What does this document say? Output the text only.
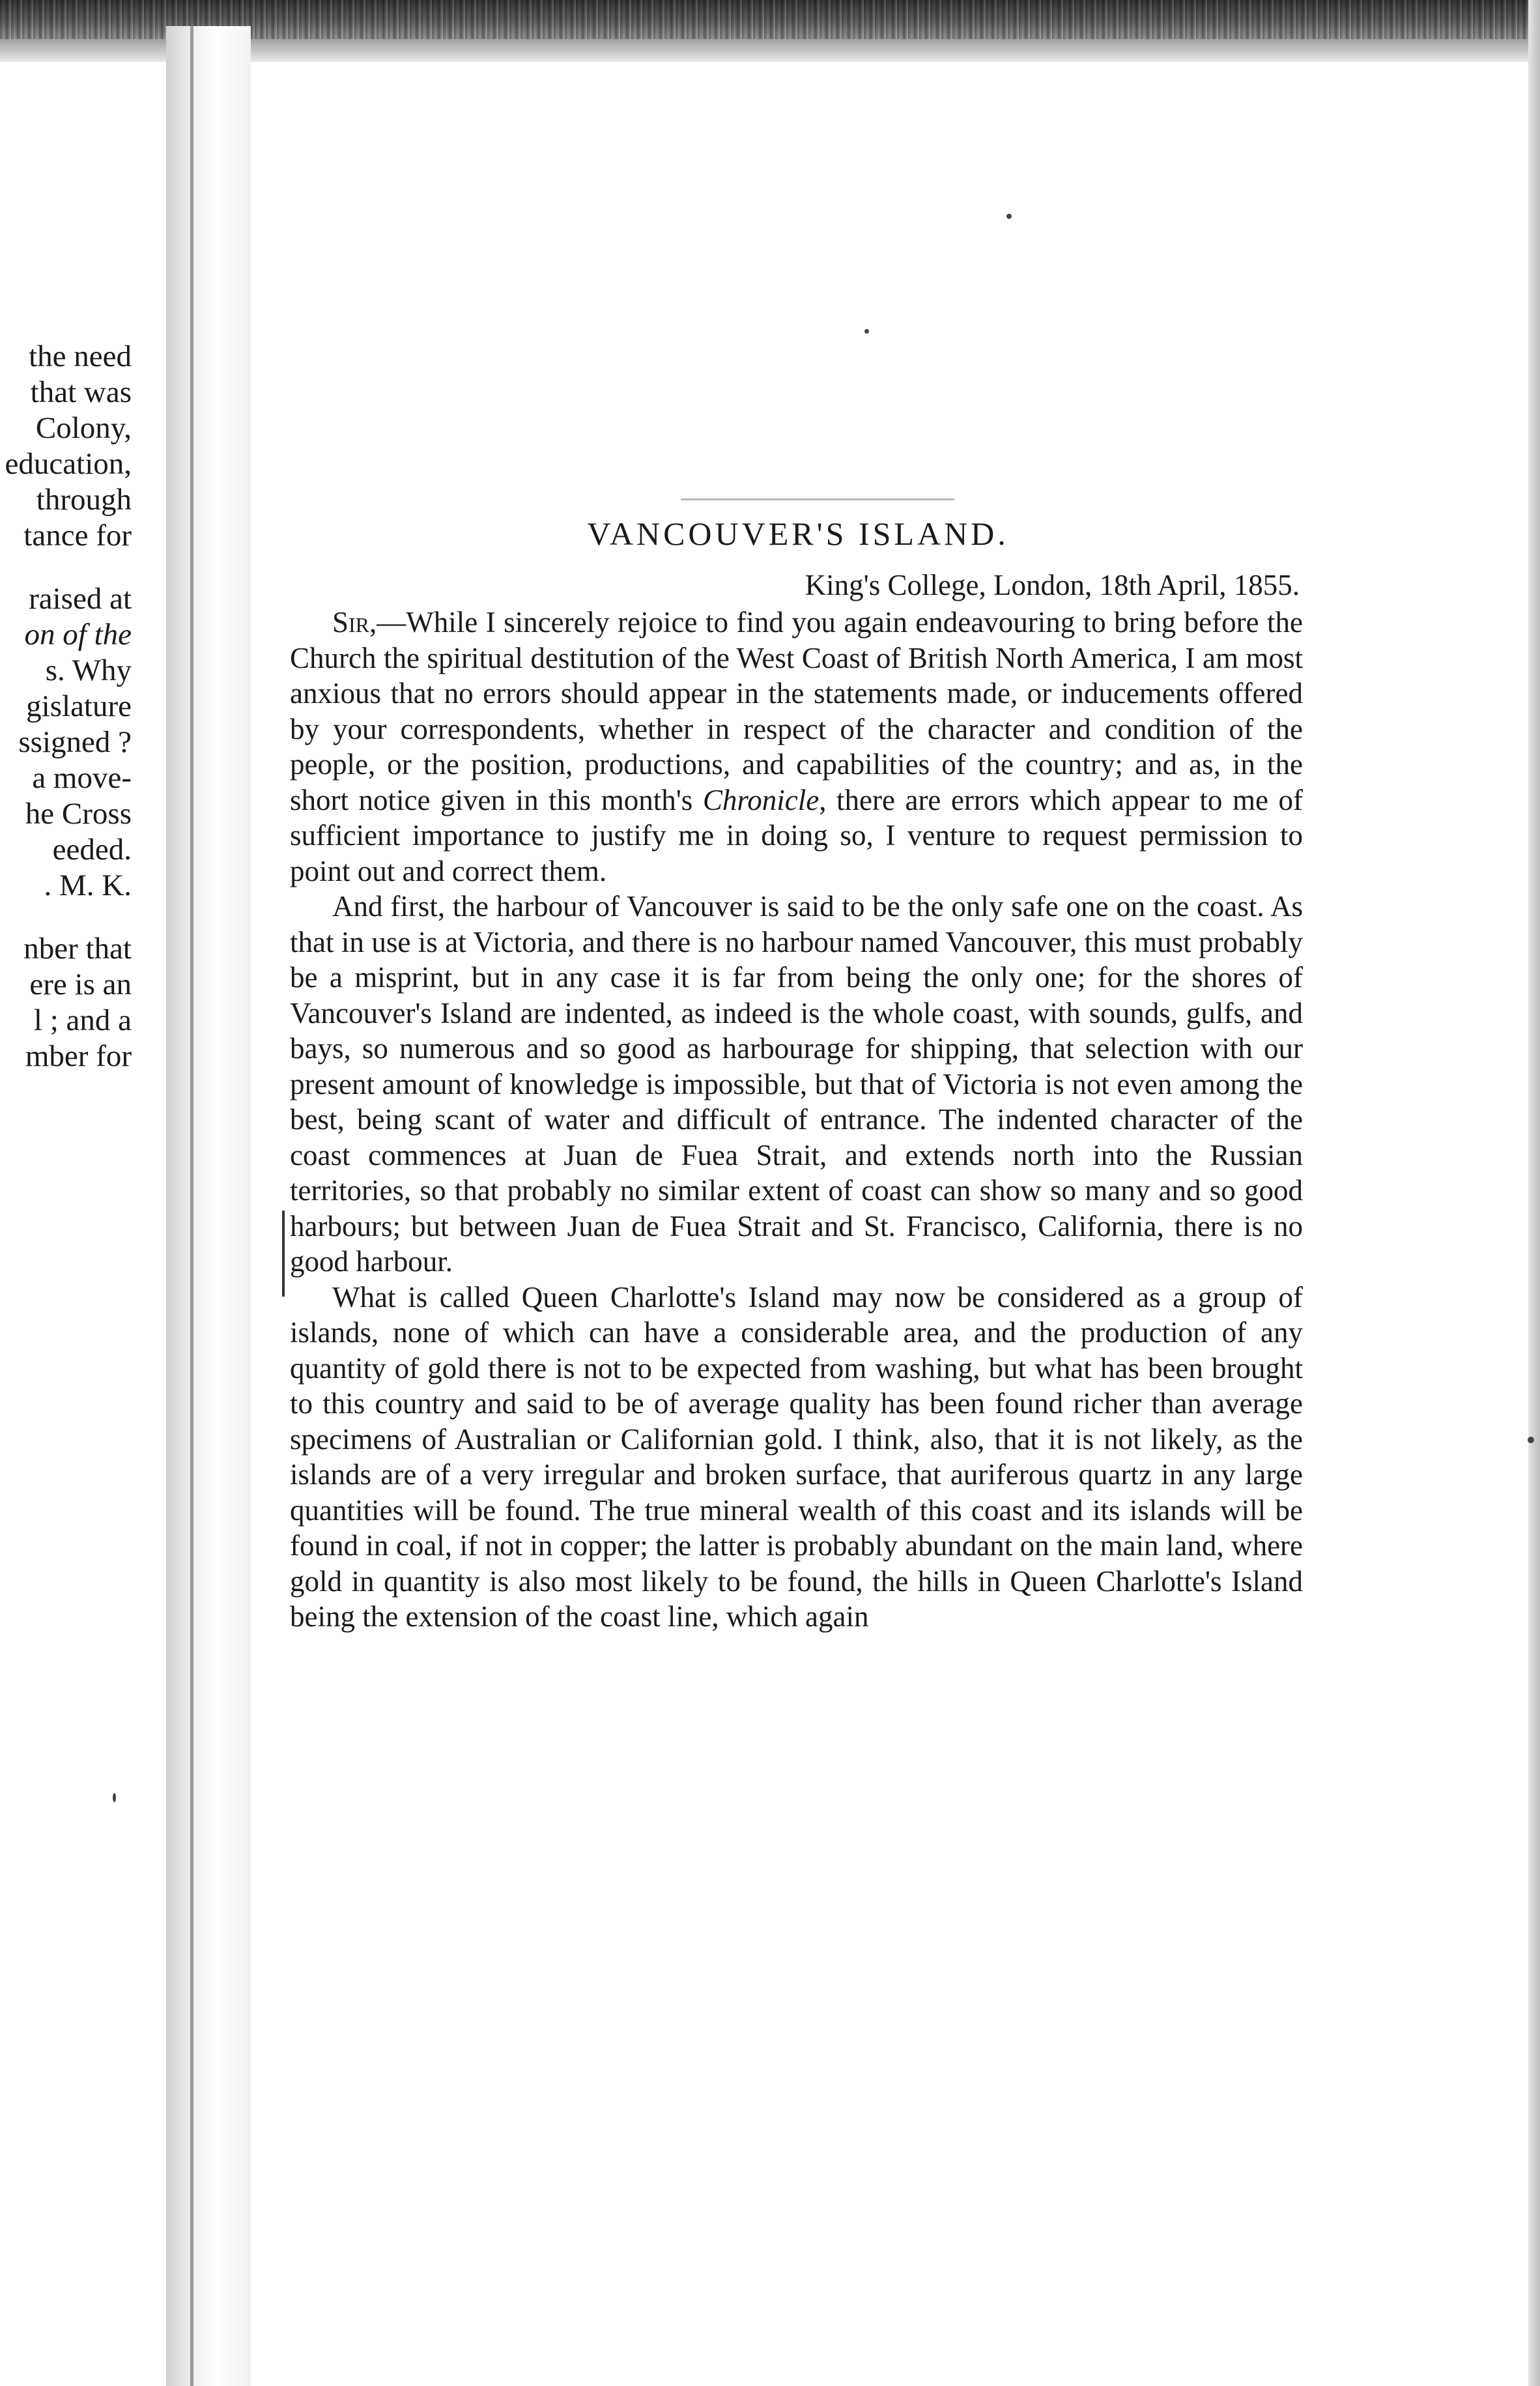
the need
that was
Colony,
education,
through
tance for
raised at
on of the
s. Why
gislature
ssigned ?
a move-
he Cross
eeded.
. M. K.
nber that
ere is an
l ; and a
mber for
VANCOUVER'S ISLAND.
King's College, London, 18th April, 1855.

Sir,—While I sincerely rejoice to find you again endeavouring to bring before the Church the spiritual destitution of the West Coast of British North America, I am most anxious that no errors should appear in the statements made, or inducements offered by your correspondents, whether in respect of the character and condition of the people, or the position, productions, and capabilities of the country; and as, in the short notice given in this month's Chronicle, there are errors which appear to me of sufficient importance to justify me in doing so, I venture to request permission to point out and correct them.

And first, the harbour of Vancouver is said to be the only safe one on the coast. As that in use is at Victoria, and there is no harbour named Vancouver, this must probably be a misprint, but in any case it is far from being the only one; for the shores of Vancouver's Island are indented, as indeed is the whole coast, with sounds, gulfs, and bays, so numerous and so good as harbourage for shipping, that selection with our present amount of knowledge is impossible, but that of Victoria is not even among the best, being scant of water and difficult of entrance. The indented character of the coast commences at Juan de Fuea Strait, and extends north into the Russian territories, so that probably no similar extent of coast can show so many and so good harbours; but between Juan de Fuea Strait and St. Francisco, California, there is no good harbour.

What is called Queen Charlotte's Island may now be considered as a group of islands, none of which can have a considerable area, and the production of any quantity of gold there is not to be expected from washing, but what has been brought to this country and said to be of average quality has been found richer than average specimens of Australian or Californian gold. I think, also, that it is not likely, as the islands are of a very irregular and broken surface, that auriferous quartz in any large quantities will be found. The true mineral wealth of this coast and its islands will be found in coal, if not in copper; the latter is probably abundant on the main land, where gold in quantity is also most likely to be found, the hills in Queen Charlotte's Island being the extension of the coast line, which again
